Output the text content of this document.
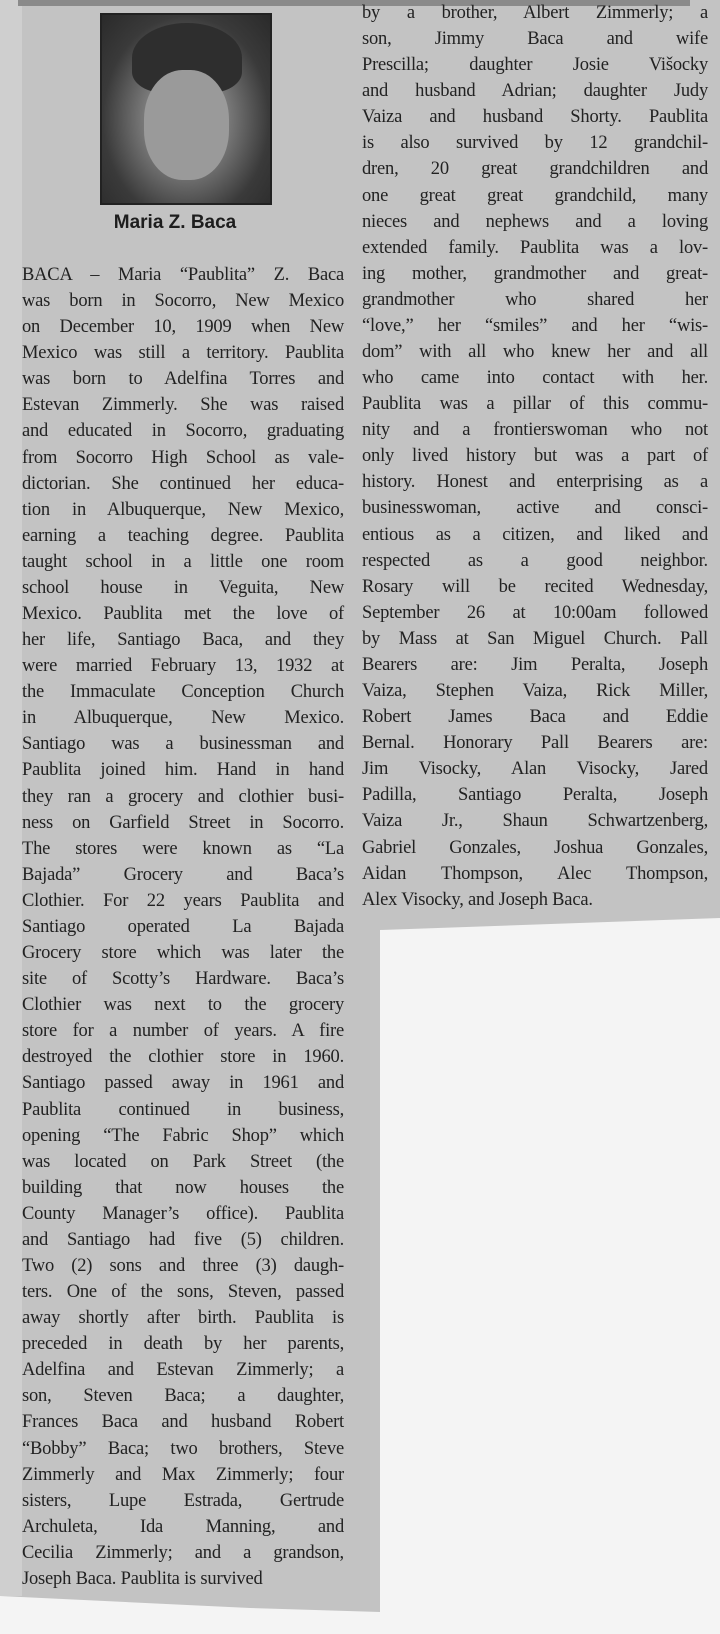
Maria Z. Baca
BACA – Maria “Paublita” Z. Baca
was born in Socorro, New Mexico
on December 10, 1909 when New
Mexico was still a territory. Paublita
was born to Adelfina Torres and
Estevan Zimmerly. She was raised
and educated in Socorro, graduating
from Socorro High School as vale-
dictorian. She continued her educa-
tion in Albuquerque, New Mexico,
earning a teaching degree. Paublita
taught school in a little one room
school house in Veguita, New
Mexico. Paublita met the love of
her life, Santiago Baca, and they
were married February 13, 1932 at
the Immaculate Conception Church
in Albuquerque, New Mexico.
Santiago was a businessman and
Paublita joined him. Hand in hand
they ran a grocery and clothier busi-
ness on Garfield Street in Socorro.
The stores were known as “La
Bajada” Grocery and Baca’s
Clothier. For 22 years Paublita and
Santiago operated La Bajada
Grocery store which was later the
site of Scotty’s Hardware. Baca’s
Clothier was next to the grocery
store for a number of years. A fire
destroyed the clothier store in 1960.
Santiago passed away in 1961 and
Paublita continued in business,
opening “The Fabric Shop” which
was located on Park Street (the
building that now houses the
County Manager’s office). Paublita
and Santiago had five (5) children.
Two (2) sons and three (3) daugh-
ters. One of the sons, Steven, passed
away shortly after birth. Paublita is
preceded in death by her parents,
Adelfina and Estevan Zimmerly; a
son, Steven Baca; a daughter,
Frances Baca and husband Robert
“Bobby” Baca; two brothers, Steve
Zimmerly and Max Zimmerly; four
sisters, Lupe Estrada, Gertrude
Archuleta, Ida Manning, and
Cecilia Zimmerly; and a grandson,
Joseph Baca. Paublita is survived
by a brother, Albert Zimmerly; a
son, Jimmy Baca and wife
Prescilla; daughter Josie Višocky
and husband Adrian; daughter Judy
Vaiza and husband Shorty. Paublita
is also survived by 12 grandchil-
dren, 20 great grandchildren and
one great great grandchild, many
nieces and nephews and a loving
extended family. Paublita was a lov-
ing mother, grandmother and great-
grandmother who shared her
“love,” her “smiles” and her “wis-
dom” with all who knew her and all
who came into contact with her.
Paublita was a pillar of this commu-
nity and a frontierswoman who not
only lived history but was a part of
history. Honest and enterprising as a
businesswoman, active and consci-
entious as a citizen, and liked and
respected as a good neighbor.
Rosary will be recited Wednesday,
September 26 at 10:00am followed
by Mass at San Miguel Church. Pall
Bearers are: Jim Peralta, Joseph
Vaiza, Stephen Vaiza, Rick Miller,
Robert James Baca and Eddie
Bernal. Honorary Pall Bearers are:
Jim Visocky, Alan Visocky, Jared
Padilla, Santiago Peralta, Joseph
Vaiza Jr., Shaun Schwartzenberg,
Gabriel Gonzales, Joshua Gonzales,
Aidan Thompson, Alec Thompson,
Alex Visocky, and Joseph Baca.
